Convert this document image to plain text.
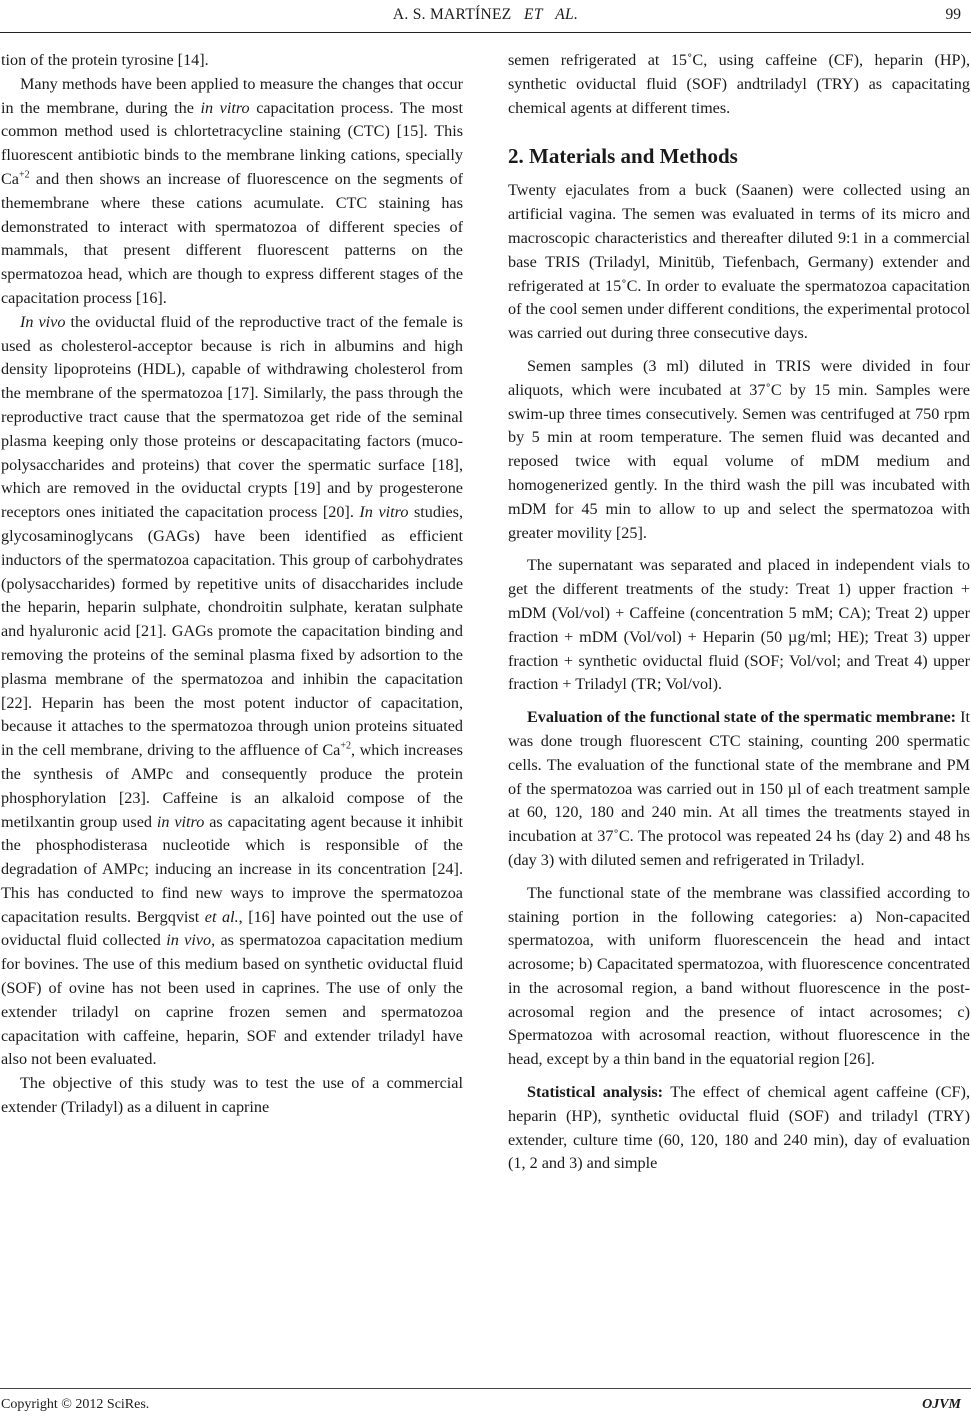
A. S. MARTÍNEZ ET   AL.	99

tion of the protein tyrosine [14].

Many methods have been applied to measure the changes that occur in the membrane, during the in vitro capacitation process. The most common method used is chlortetracycline staining (CTC) [15]. This fluorescent antibiotic binds to the membrane linking cations, specially $Ca^{+2}$ and then shows an increase of fluorescence on the segments of themembrane where these cations acumulate. CTC staining has demonstrated to interact with spermatozoa of different species of mammals, that present different fluorescent patterns on the spermatozoa head, which are though to express different stages of the capacitation process [16].

In vivo the oviductal fluid of the reproductive tract of the female is used as cholesterol-acceptor because is rich in albumins and high density lipoproteins (HDL), capable of withdrawing cholesterol from the membrane of the spermatozoa [17]. Similarly, the pass through the reproductive tract cause that the spermatozoa get ride of the seminal plasma keeping only those proteins or descapacitating factors (muco-polysaccharides and proteins) that cover the spermatic surface [18], which are removed in the oviductal crypts [19] and by progesterone receptors ones initiated the capacitation process [20]. In vitro studies, glycosaminoglycans (GAGs) have been identified as efficient inductors of the spermatozoa capacitation. This group of carbohydrates (polysaccharides) formed by repetitive units of disaccharides include the heparin, heparin sulphate, chondroitin sulphate, keratan sulphate and hyaluronic acid [21]. GAGs promote the capacitation binding and removing the proteins of the seminal plasma fixed by adsortion to the plasma membrane of the spermatozoa and inhibin the capacitation [22]. Heparin has been the most potent inductor of capacitation, because it attaches to the spermatozoa through union proteins situated in the cell membrane, driving to the affluence of $Ca^{+2}$, which increases the synthesis of AMPc and consequently produce the protein phosphorylation [23]. Caffeine is an alkaloid compose of the metilxantin group used in vitro as capacitating agent because it inhibit the phosphodisterasa nucleotide which is responsible of the degradation of AMPc; inducing an increase in its concentration [24]. This has conducted to find new ways to improve the spermatozoa capacitation results. Bergqvist et al., [16] have pointed out the use of oviductal fluid collected in vivo, as spermatozoa capacitation medium for bovines. The use of this medium based on synthetic oviductal fluid (SOF) of ovine has not been used in caprines. The use of only the extender triladyl on caprine frozen semen and spermatozoa capacitation with caffeine, heparin, SOF and extender triladyl have also not been evaluated.

The objective of this study was to test the use of a commercial extender (Triladyl) as a diluent in caprine

semen refrigerated at 15˚C, using caffeine (CF), heparin (HP), synthetic oviductal fluid (SOF) andtriladyl (TRY) as capacitating chemical agents at different times.

2. Materials and Methods

Twenty ejaculates from a buck (Saanen) were collected using an artificial vagina. The semen was evaluated in terms of its micro and macroscopic characteristics and thereafter diluted 9:1 in a commercial base TRIS (Triladyl, Minitüb, Tiefenbach, Germany) extender and refrigerated at 15˚C. In order to evaluate the spermatozoa capacitation of the cool semen under different conditions, the experimental protocol was carried out during three consecutive days.

Semen samples (3 ml) diluted in TRIS were divided in four aliquots, which were incubated at 37˚C by 15 min. Samples were swim-up three times consecutively. Semen was centrifuged at 750 rpm by 5 min at room temperature. The semen fluid was decanted and reposed twice with equal volume of mDM medium and homogenerized gently. In the third wash the pill was incubated with mDM for 45 min to allow to up and select the spermatozoa with greater movility [25].

The supernatant was separated and placed in independent vials to get the different treatments of the study: Treat 1) upper fraction + mDM (Vol/vol) + Caffeine (concentration 5 mM; CA); Treat 2) upper fraction + mDM (Vol/vol) + Heparin (50 µg/ml; HE); Treat 3) upper fraction + synthetic oviductal fluid (SOF; Vol/vol; and Treat 4) upper fraction + Triladyl (TR; Vol/vol).

Evaluation of the functional state of the spermatic membrane: It was done trough fluorescent CTC staining, counting 200 spermatic cells. The evaluation of the functional state of the membrane and PM of the spermatozoa was carried out in 150 µl of each treatment sample at 60, 120, 180 and 240 min. At all times the treatments stayed in incubation at 37˚C. The protocol was repeated 24 hs (day 2) and 48 hs (day 3) with diluted semen and refrigerated in Triladyl.

The functional state of the membrane was classified according to staining portion in the following categories: a) Non-capacited spermatozoa, with uniform fluorescencein the head and intact acrosome; b) Capacitated spermatozoa, with fluorescence concentrated in the acrosomal region, a band without fluorescence in the post-acrosomal region and the presence of intact acrosomes; c) Spermatozoa with acrosomal reaction, without fluorescence in the head, except by a thin band in the equatorial region [26].

Statistical analysis: The effect of chemical agent caffeine (CF), heparin (HP), synthetic oviductal fluid (SOF) and triladyl (TRY) extender, culture time (60, 120, 180 and 240 min), day of evaluation (1, 2 and 3) and simple

Copyright © 2012 SciRes.	OJVM
